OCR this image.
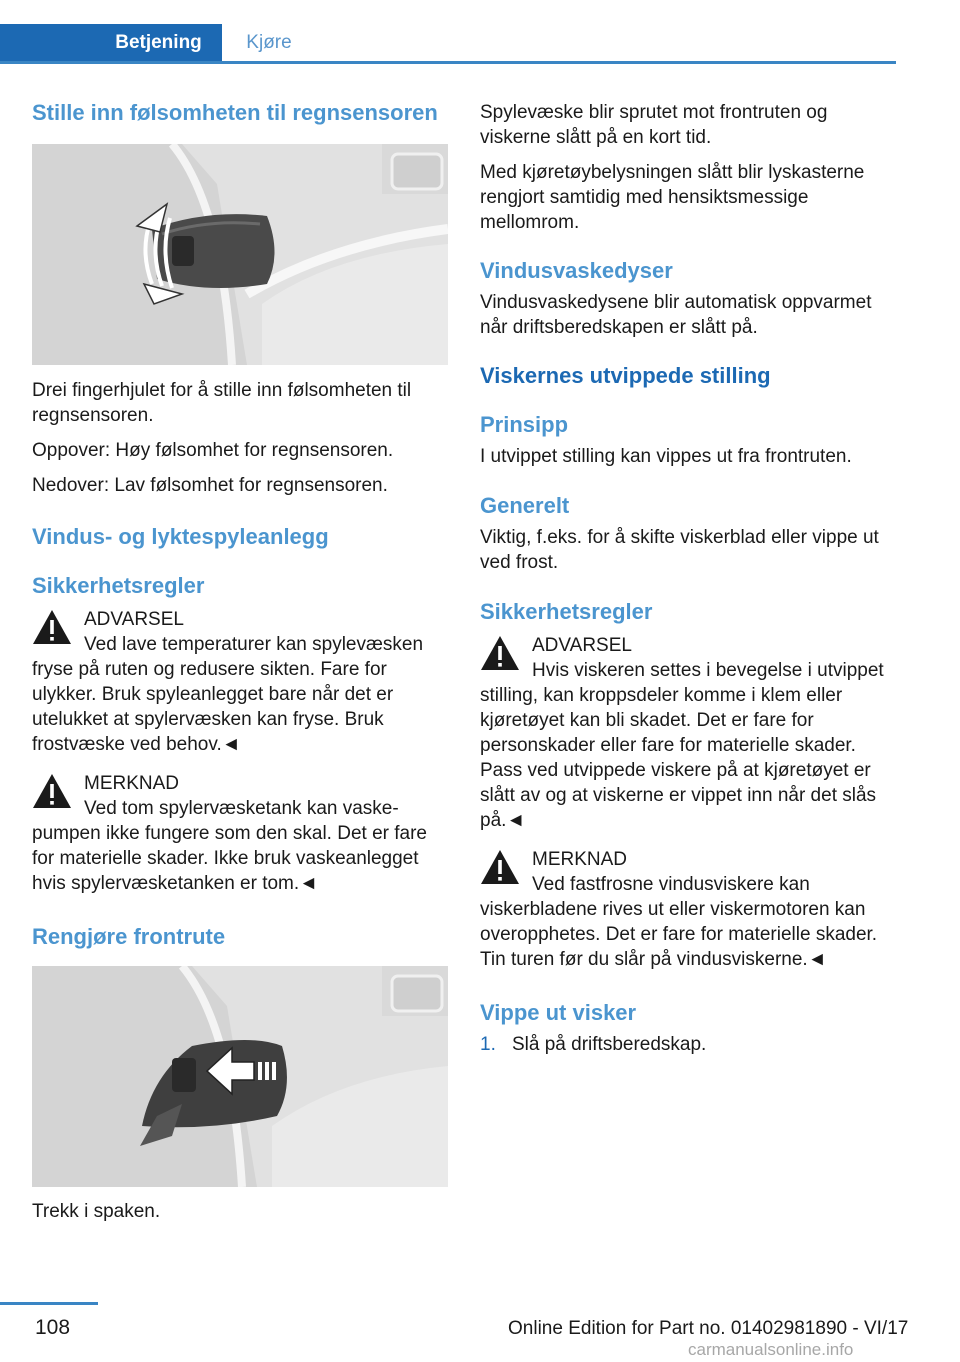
Betjening	Kjøre
Stille inn følsomheten til regnsensoren

Drei fingerhjulet for å stille inn følsomheten til regnsensoren.

Oppover: Høy følsomhet for regnsensoren.

Nedover: Lav følsomhet for regnsensoren.

Vindus- og lyktespyleanlegg
Sikkerhetsregler
ADVARSEL
Ved lave temperaturer kan spylevæsken fryse på ruten og redusere sikten. Fare for ulykker. Bruk spyleanlegget bare når det er utelukket at spylervæsken kan fryse. Bruk frostvæske ved behov.◄
MERKNAD
Ved tom spylervæsketank kan vaske-pumpen ikke fungere som den skal. Det er fare for materielle skader. Ikke bruk vaskeanlegget hvis spylervæsketanken er tom.◄
Rengjøre frontrute

Trekk i spaken.

Spylevæske blir sprutet mot frontruten og viskerne slått på en kort tid.

Med kjøretøybelysningen slått blir lyskasterne rengjort samtidig med hensiktsmessige mellomrom.

Vindusvaskedyser

Vindusvaskedysene blir automatisk oppvarmet når driftsberedskapen er slått på.

Viskernes utvippede stilling
Prinsipp

I utvippet stilling kan vippes ut fra frontruten.

Generelt

Viktig, f.eks. for å skifte viskerblad eller vippe ut ved frost.

Sikkerhetsregler
ADVARSEL
Hvis viskeren settes i bevegelse i utvippet stilling, kan kroppsdeler komme i klem eller kjøretøyet kan bli skadet. Det er fare for personskader eller fare for materielle skader. Pass ved utvippede viskere på at kjøretøyet er slått av og at viskerne er vippet inn når det slås på.◄
MERKNAD
Ved fastfrosne vindusviskere kan viskerbladene rives ut eller viskermotoren kan overopphetes. Det er fare for materielle skader. Tin turen før du slår på vindusviskerne.◄
Vippe ut visker
1. Slå på driftsberedskap.
108	Online Edition for Part no. 01402981890 - VI/17
carmanualsonline.info
